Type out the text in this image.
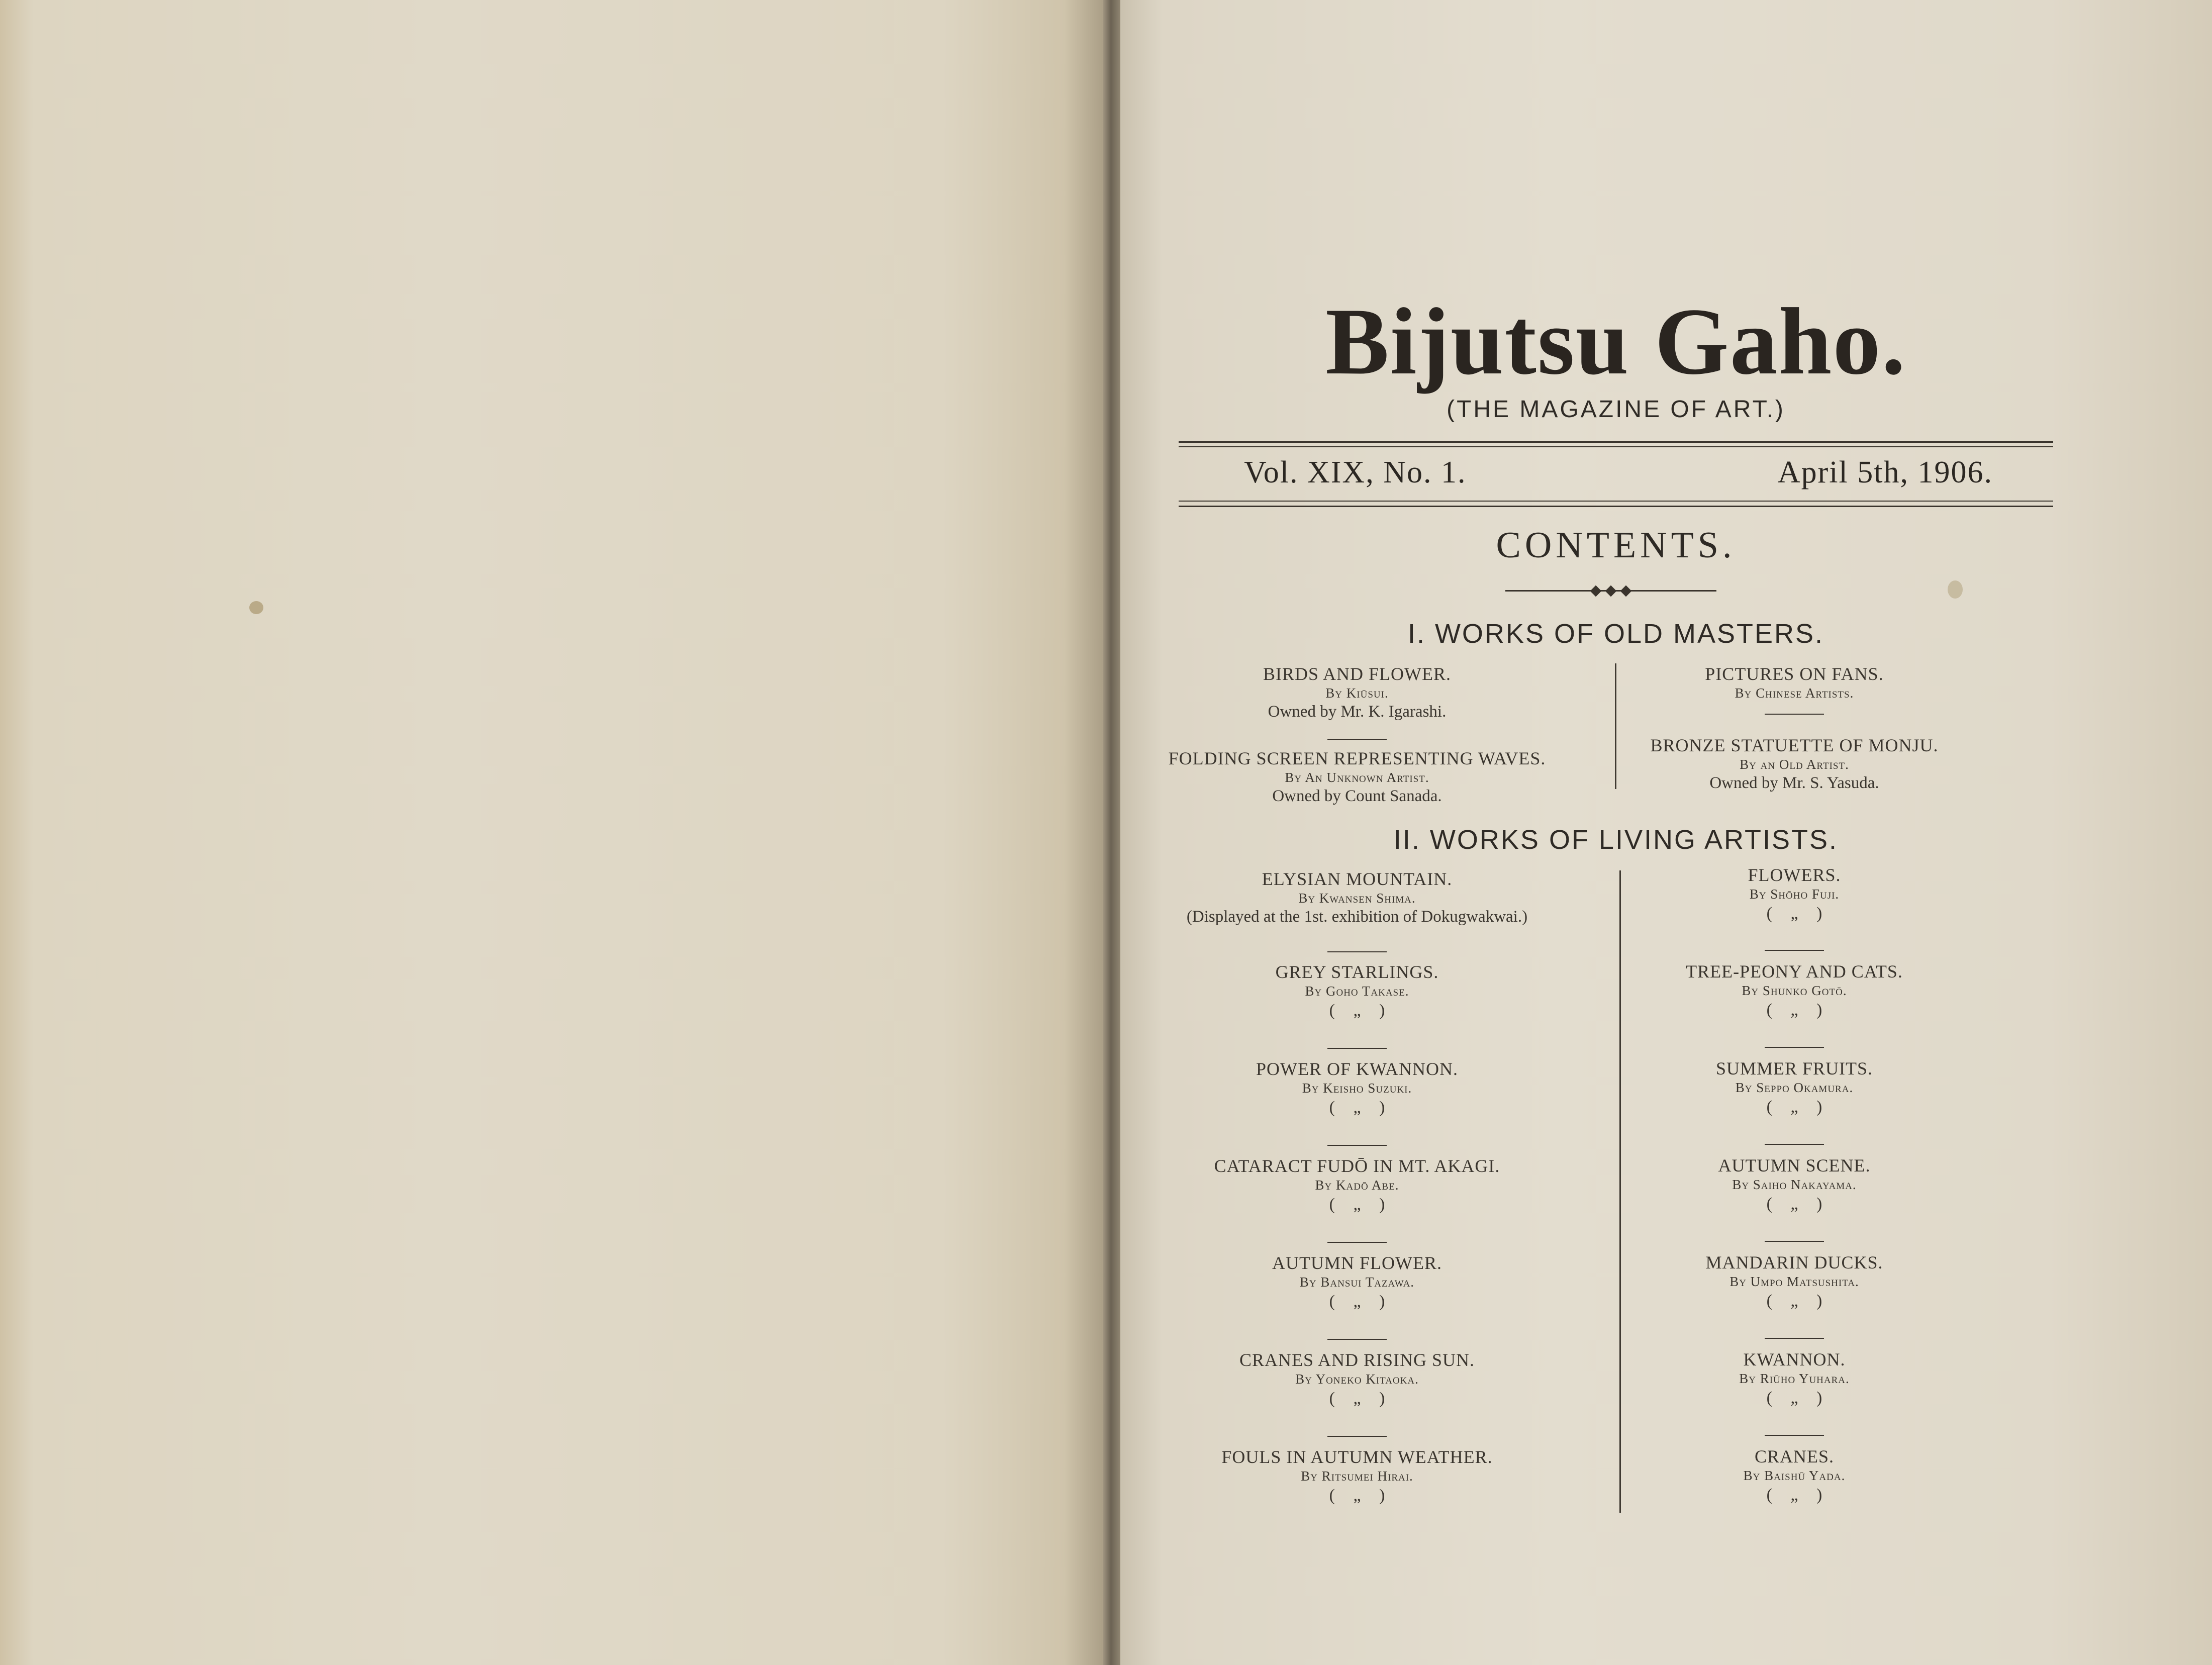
Bijutsu Gaho.
(THE MAGAZINE OF ART.)
Vol. XIX, No. 1.	April 5th, 1906.
CONTENTS.
I. WORKS OF OLD MASTERS.
BIRDS AND FLOWER.
By Kiūsui.
Owned by Mr. K. Igarashi.
FOLDING SCREEN REPRESENTING WAVES.
By An Unknown Artist.
Owned by Count Sanada.
PICTURES ON FANS.
By Chinese Artists.
BRONZE STATUETTE OF MONJU.
By an Old Artist.
Owned by Mr. S. Yasuda.
II. WORKS OF LIVING ARTISTS.
ELYSIAN MOUNTAIN.
By Kwansen Shima.
(Displayed at the 1st. exhibition of Dokugwakwai.)
GREY STARLINGS.
By Goho Takase.
( „ )
POWER OF KWANNON.
By Keisho Suzuki.
( „ )
CATARACT FUDŌ IN MT. AKAGI.
By Kadō Abe.
( „ )
AUTUMN FLOWER.
By Bansui Tazawa.
( „ )
CRANES AND RISING SUN.
By Yoneko Kitaoka.
( „ )
FOULS IN AUTUMN WEATHER.
By Ritsumei Hirai.
( „ )
FLOWERS.
By Shōho Fuji.
( „ )
TREE-PEONY AND CATS.
By Shunko Gotō.
( „ )
SUMMER FRUITS.
By Seppo Okamura.
( „ )
AUTUMN SCENE.
By Saiho Nakayama.
( „ )
MANDARIN DUCKS.
By Umpo Matsushita.
( „ )
KWANNON.
By Riūho Yuhara.
( „ )
CRANES.
By Baishū Yada.
( „ )
